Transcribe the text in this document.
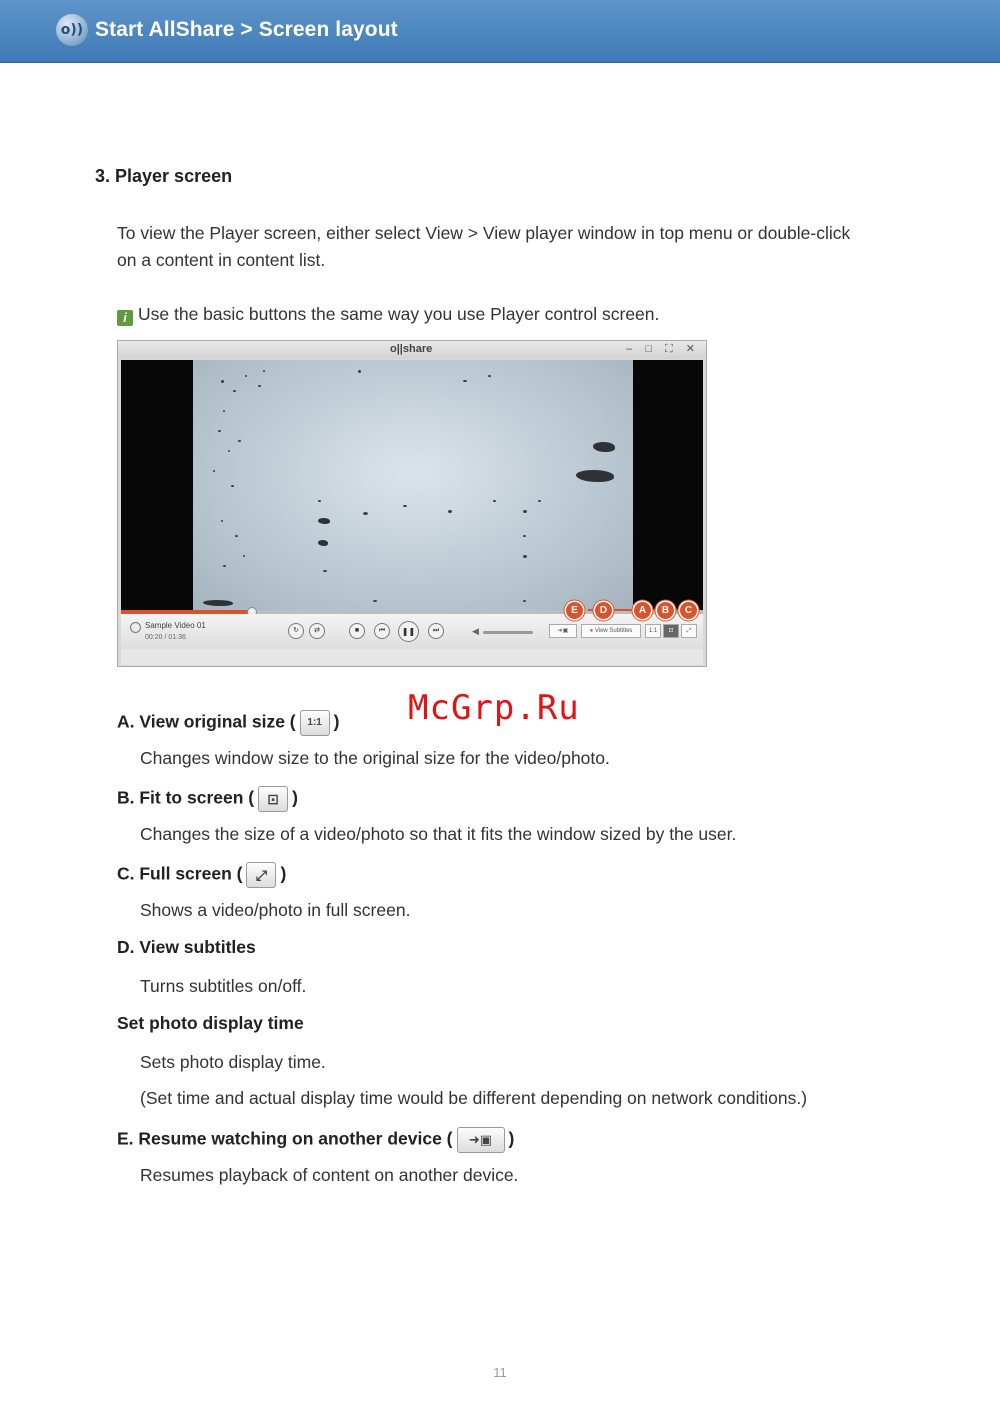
o)) Start AllShare > Screen layout
3. Player screen
To view the Player screen, either select View > View player window in top menu or double-click
on a content in content list.
i Use the basic buttons the same way you use Player control screen.
o||share	– □ ⛶ ✕
Sample Video 01
00:20 / 01:36
↻	⇄	■	⏮	❚❚	⏭	◀	➜▣	● View Subtitles	1:1	⊡	⤢
E	D	A	B	C
McGrp.Ru
A. View original size ( 1:1 )
Changes window size to the original size for the video/photo.
B. Fit to screen ( ⊡ )
Changes the size of a video/photo so that it fits the window sized by the user.
C. Full screen ( ⤢ )
Shows a video/photo in full screen.
D. View subtitles
Turns subtitles on/off.
Set photo display time
Sets photo display time.
(Set time and actual display time would be different depending on network conditions.)
E. Resume watching on another device ( ➜▣ )
Resumes playback of content on another device.
11
